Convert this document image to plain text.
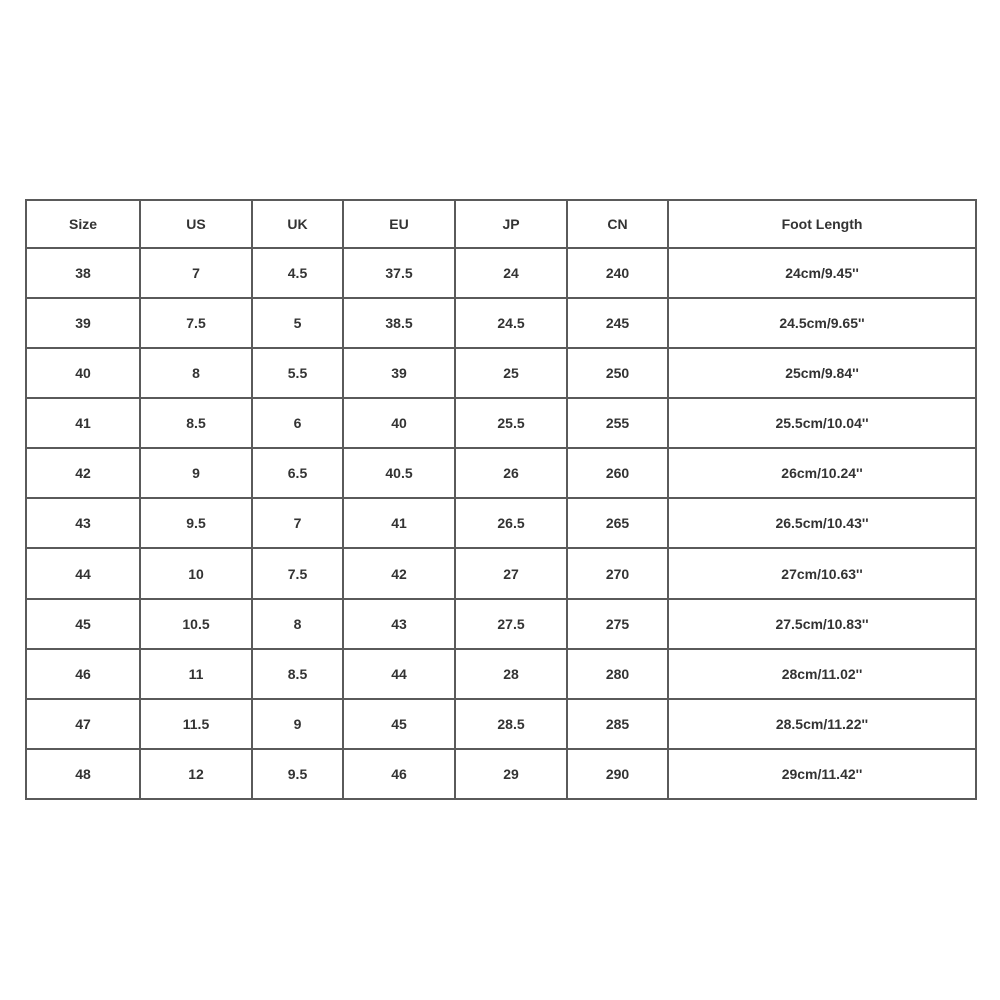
Size	US	UK	EU	JP	CN	Foot Length
38	7	4.5	37.5	24	240	24cm/9.45''
39	7.5	5	38.5	24.5	245	24.5cm/9.65''
40	8	5.5	39	25	250	25cm/9.84''
41	8.5	6	40	25.5	255	25.5cm/10.04''
42	9	6.5	40.5	26	260	26cm/10.24''
43	9.5	7	41	26.5	265	26.5cm/10.43''
44	10	7.5	42	27	270	27cm/10.63''
45	10.5	8	43	27.5	275	27.5cm/10.83''
46	11	8.5	44	28	280	28cm/11.02''
47	11.5	9	45	28.5	285	28.5cm/11.22''
48	12	9.5	46	29	290	29cm/11.42''
